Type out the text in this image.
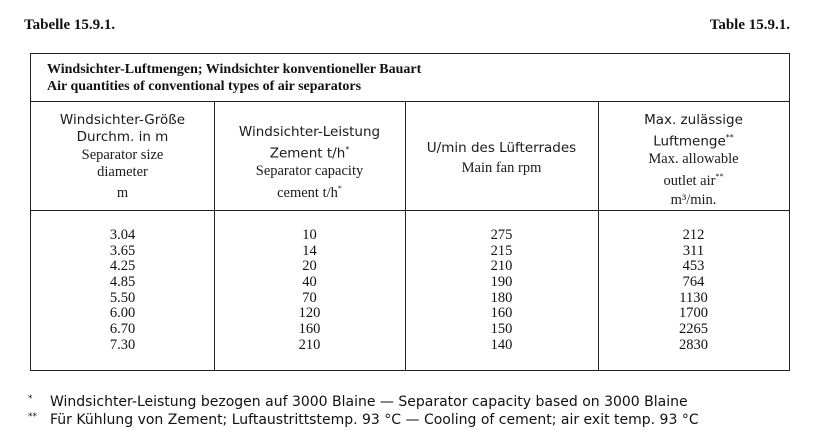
Tabelle 15.9.1.	Table 15.9.1.
Windsichter-Luftmengen; Windsichter konventioneller Bauart
Air quantities of conventional types of air separators

Windsichter-Größe

Durchm. in m

Separator size

diameter

m

Windsichter-Leistung

Zement t/h*

Separator capacity

cement t/h*

U/min des Lüfterrades

Main fan rpm

Max. zulässige

Luftmenge**

Max. allowable

outlet air**

m³/min.

3.04
3.65
4.25
4.85
5.50
6.00
6.70
7.30
10
14
20
40
70
120
160
210
275
215
210
190
180
160
150
140
212
311
453
764
1130
1700
2265
2830
* Windsichter-Leistung bezogen auf 3000 Blaine — Separator capacity based on 3000 Blaine
** Für Kühlung von Zement; Luftaustrittstemp. 93 °C — Cooling of cement; air exit temp. 93 °C
